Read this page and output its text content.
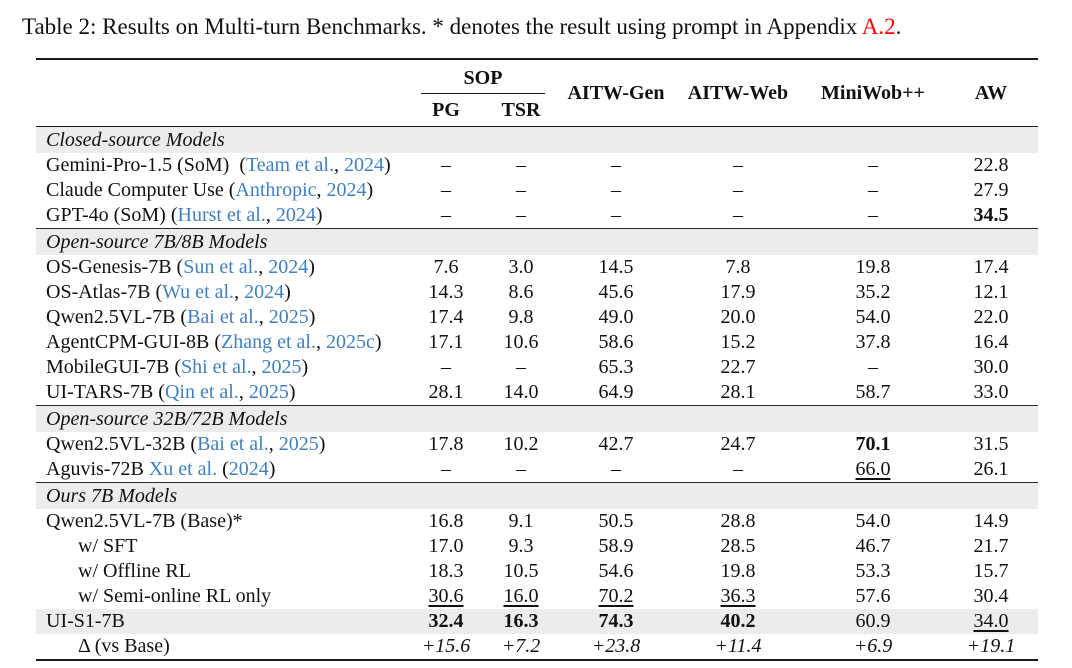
Table 2: Results on Multi-turn Benchmarks. * denotes the result using prompt in Appendix A.2.

	SOP		AITW-Gen	AITW-Web	MiniWob++	AW
	PG	TSR				
Closed-source Models						
Gemini-Pro-1.5 (SoM) (Team et al., 2024)	–	–	–	–	–	22.8
Claude Computer Use (Anthropic, 2024)	–	–	–	–	–	27.9
GPT-4o (SoM) (Hurst et al., 2024)	–	–	–	–	–	34.5
Open-source 7B/8B Models						
OS-Genesis-7B (Sun et al., 2024)	7.6	3.0	14.5	7.8	19.8	17.4
OS-Atlas-7B (Wu et al., 2024)	14.3	8.6	45.6	17.9	35.2	12.1
Qwen2.5VL-7B (Bai et al., 2025)	17.4	9.8	49.0	20.0	54.0	22.0
AgentCPM-GUI-8B (Zhang et al., 2025c)	17.1	10.6	58.6	15.2	37.8	16.4
MobileGUI-7B (Shi et al., 2025)	–	–	65.3	22.7	–	30.0
UI-TARS-7B (Qin et al., 2025)	28.1	14.0	64.9	28.1	58.7	33.0
Open-source 32B/72B Models						
Qwen2.5VL-32B (Bai et al., 2025)	17.8	10.2	42.7	24.7	70.1	31.5
Aguvis-72B Xu et al. (2024)	–	–	–	–	66.0	26.1
Ours 7B Models						
Qwen2.5VL-7B (Base)*	16.8	9.1	50.5	28.8	54.0	14.9
w/ SFT	17.0	9.3	58.9	28.5	46.7	21.7
w/ Offline RL	18.3	10.5	54.6	19.8	53.3	15.7
w/ Semi-online RL only	30.6	16.0	70.2	36.3	57.6	30.4
UI-S1-7B	32.4	16.3	74.3	40.2	60.9	34.0
Δ (vs Base)	+15.6	+7.2	+23.8	+11.4	+6.9	+19.1
